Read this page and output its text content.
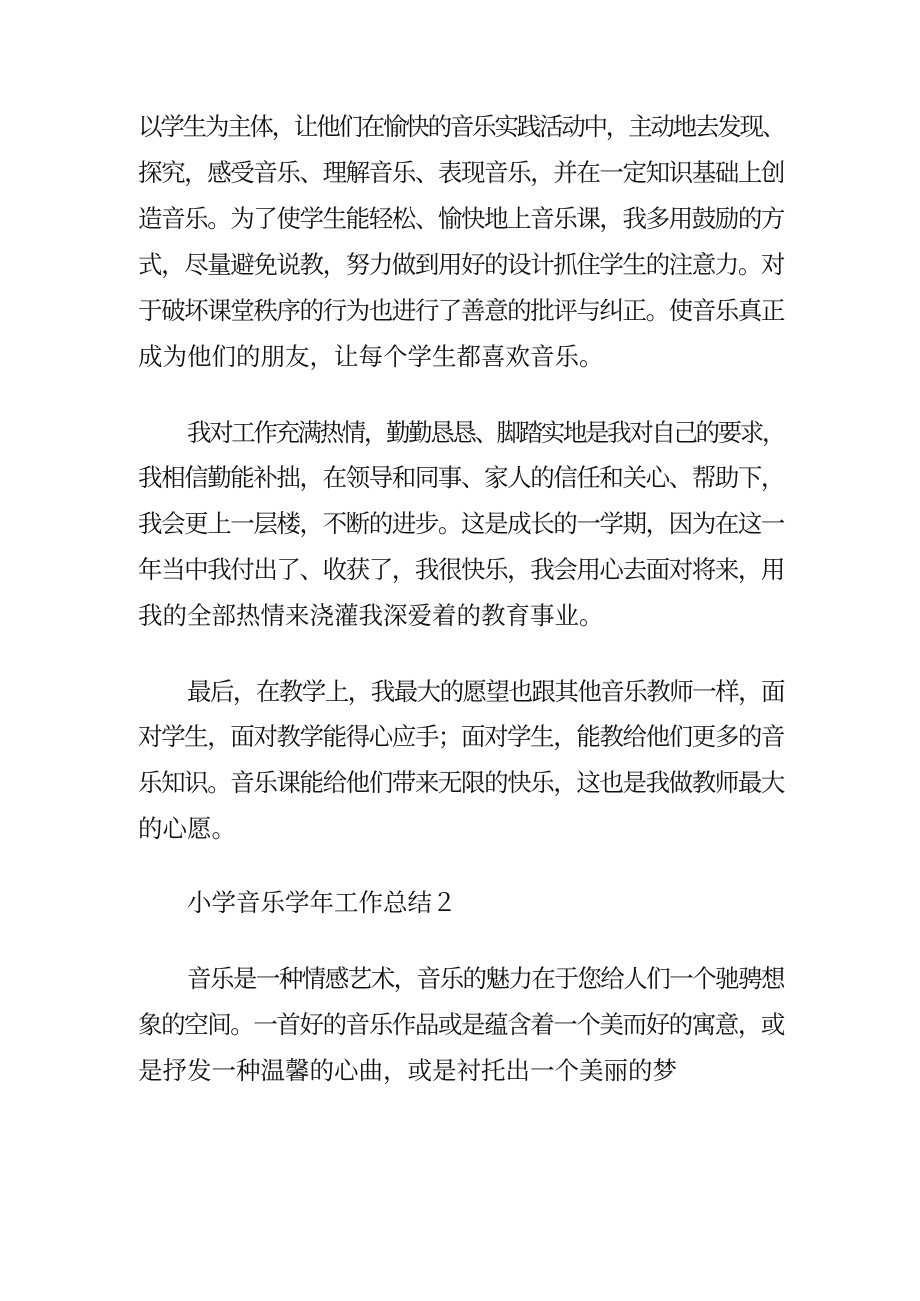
以学生为主体，让他们在愉快的音乐实践活动中，主动地去发现、
探究，感受音乐、理解音乐、表现音乐，并在一定知识基础上创
造音乐。为了使学生能轻松、愉快地上音乐课，我多用鼓励的方
式，尽量避免说教，努力做到用好的设计抓住学生的注意力。对
于破坏课堂秩序的行为也进行了善意的批评与纠正。使音乐真正
成为他们的朋友，让每个学生都喜欢音乐。
我对工作充满热情，勤勤恳恳、脚踏实地是我对自己的要求，
我相信勤能补拙，在领导和同事、家人的信任和关心、帮助下，
我会更上一层楼，不断的进步。这是成长的一学期，因为在这一
年当中我付出了、收获了，我很快乐，我会用心去面对将来，用
我的全部热情来浇灌我深爱着的教育事业。
最后，在教学上，我最大的愿望也跟其他音乐教师一样，面
对学生，面对教学能得心应手；面对学生，能教给他们更多的音
乐知识。音乐课能给他们带来无限的快乐，这也是我做教师最大
的心愿。
小学音乐学年工作总结２
音乐是一种情感艺术，音乐的魅力在于您给人们一个驰骋想
象的空间。一首好的音乐作品或是蕴含着一个美而好的寓意，或
是抒发一种温馨的心曲，或是衬托出一个美丽的梦
